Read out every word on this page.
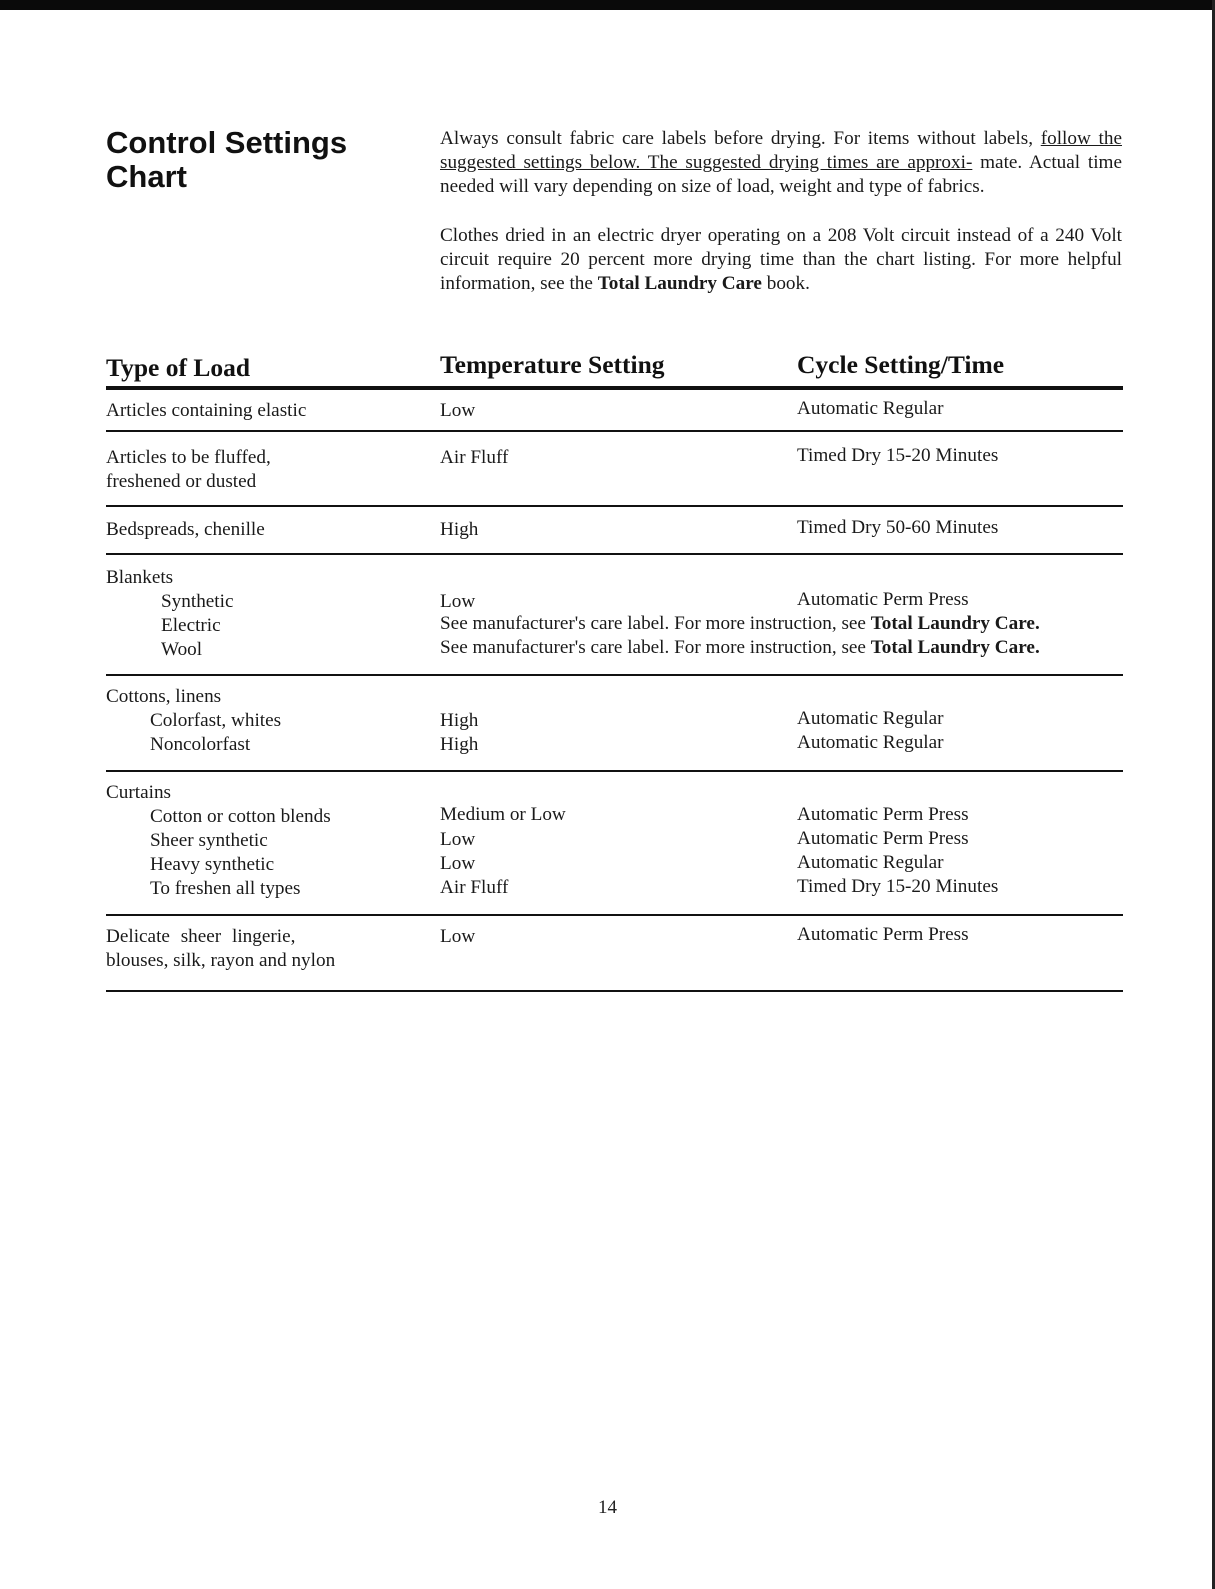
Control Settings Chart

Always consult fabric care labels before drying. For items without labels, follow the suggested settings below. The suggested drying times are approxi- mate. Actual time needed will vary depending on size of load, weight and type of fabrics.

Clothes dried in an electric dryer operating on a 208 Volt circuit instead of a 240 Volt circuit require 20 percent more drying time than the chart listing. For more helpful information, see the Total Laundry Care book.

Type of Load	Temperature Setting	Cycle Setting/Time
Articles containing elastic	Low	Automatic Regular
Articles to be fluffed,
freshened or dusted
Air Fluff	Timed Dry 15-20 Minutes
Bedspreads, chenille	High	Timed Dry 50-60 Minutes
Blankets
Synthetic	Low	Automatic Perm Press
Electric	See manufacturer's care label. For more instruction, see Total Laundry Care.
Wool	See manufacturer's care label. For more instruction, see Total Laundry Care.
Cottons, linens
Colorfast, whites	High	Automatic Regular
Noncolorfast	High	Automatic Regular
Curtains
Cotton or cotton blends	Medium or Low	Automatic Perm Press
Sheer synthetic	Low	Automatic Perm Press
Heavy synthetic	Low	Automatic Regular
To freshen all types	Air Fluff	Timed Dry 15-20 Minutes
Delicate sheer lingerie,
blouses, silk, rayon and nylon
Low	Automatic Perm Press
14
